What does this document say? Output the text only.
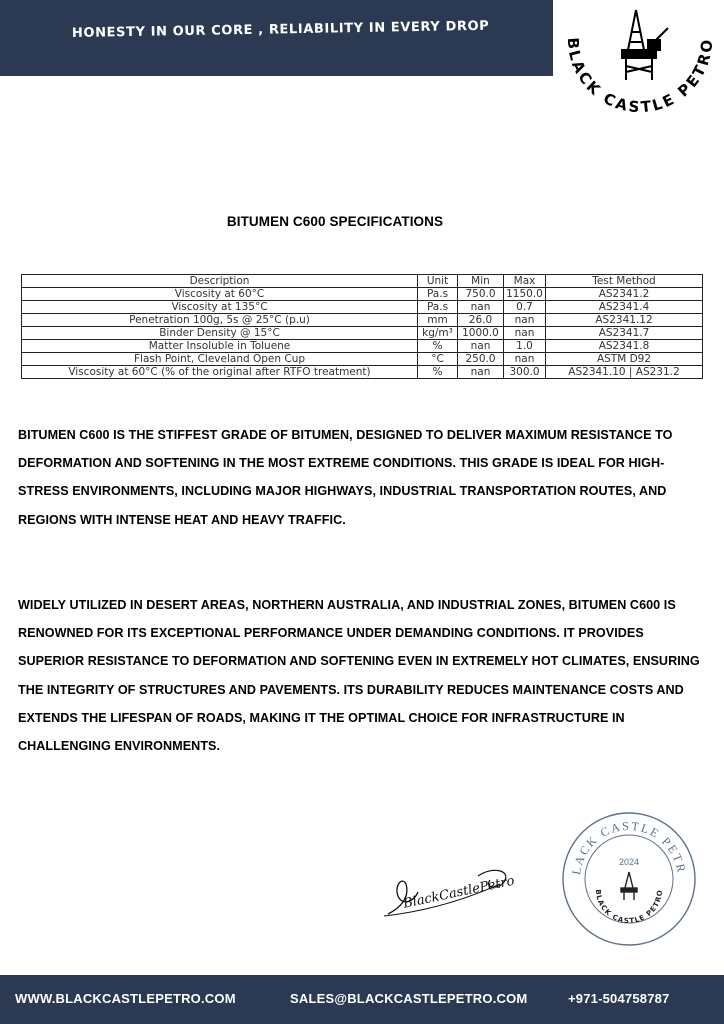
HONESTY IN OUR CORE , RELIABILITY IN EVERY DROP
BLACK CASTLE PETRO
BITUMEN C600 SPECIFICATIONS
Description	Unit	Min	Max	Test Method
Viscosity at 60°C	Pa.s	750.0	1150.0	AS2341.2
Viscosity at 135°C	Pa.s	nan	0.7	AS2341.4
Penetration 100g, 5s @ 25°C (p.u)	mm	26.0	nan	AS2341.12
Binder Density @ 15°C	kg/m³	1000.0	nan	AS2341.7
Matter Insoluble in Toluene	%	nan	1.0	AS2341.8
Flash Point, Cleveland Open Cup	°C	250.0	nan	ASTM D92
Viscosity at 60°C (% of the original after RTFO treatment)	%	nan	300.0	AS2341.10 | AS231.2

BITUMEN C600 IS THE STIFFEST GRADE OF BITUMEN, DESIGNED TO DELIVER MAXIMUM RESISTANCE TO DEFORMATION AND SOFTENING IN THE MOST EXTREME CONDITIONS. THIS GRADE IS IDEAL FOR HIGH-STRESS ENVIRONMENTS, INCLUDING MAJOR HIGHWAYS, INDUSTRIAL TRANSPORTATION ROUTES, AND REGIONS WITH INTENSE HEAT AND HEAVY TRAFFIC.

WIDELY UTILIZED IN DESERT AREAS, NORTHERN AUSTRALIA, AND INDUSTRIAL ZONES, BITUMEN C600 IS RENOWNED FOR ITS EXCEPTIONAL PERFORMANCE UNDER DEMANDING CONDITIONS. IT PROVIDES SUPERIOR RESISTANCE TO DEFORMATION AND SOFTENING EVEN IN EXTREMELY HOT CLIMATES, ENSURING THE INTEGRITY OF STRUCTURES AND PAVEMENTS. ITS DURABILITY REDUCES MAINTENANCE COSTS AND EXTENDS THE LIFESPAN OF ROADS, MAKING IT THE OPTIMAL CHOICE FOR INFRASTRUCTURE IN CHALLENGING ENVIRONMENTS.

BlackCastlePetro
LACK CASTLE PETR
BLACK CASTLE PETRO
2024
WWW.BLACKCASTLEPETRO.COM	SALES@BLACKCASTLEPETRO.COM	+971-504758787
